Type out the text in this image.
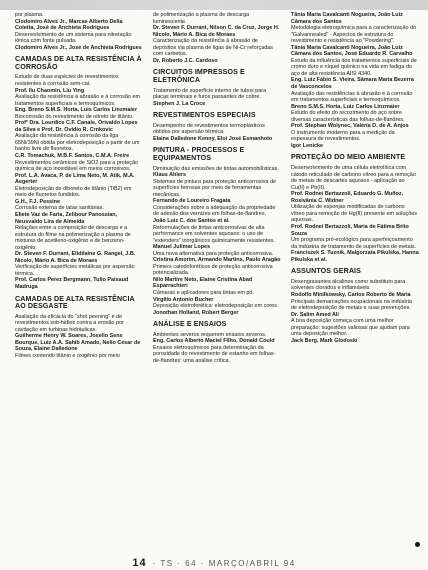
por plasma.
Clodomiro Alves Jr., Marcas Alberto Della Coletta, José de Anchieta Rodrigues
Desenvolvimento de um sistema para nitretação iônica com fonte pulsada.
Clodomiro Alves Jr., José de Anchieta Rodrigues
CAMADAS DE ALTA RESISTÊNCIA À CORROSÃO
Estudo de duas espécies de revestimentos resistentes à corrosão sem-cal.
Prof. Ilu Chaomin, Liu Ying
Avaliação da resistência à abrasão e à corrosão em tratamentos superficiais e termoquímicos.
Eng. Breno S.M.S. Horta, Luis Carlos Linzmaier
Biocorrosão do revestimento de nitreto de titânio.
Profª Dra. Lourdice C.F. Canale, Orivaldo Lopes da Silva e Prof. Dr. Ovídio R. Crnkovic
Avaliação da resistência à corrosão da liga 65Ni/39Ni obtida por eletrodeposição a partir de um banho livre de fluoretos.
C.R. Tomachuk, M.B.F. Santos, C.M.A. Freire
Revestimentos cerâmicos de SiO2 para a proteção química de aço inoxidável em meios corrosivos.
Prof. L.A. Avaca, P. de Lima Neto, M. Atik, M.A. Aegerter
Eletrodeposição de diboreto de titânio (TiB2) em meio de fluoretos fundidos.
G.H., F.J. Pessine
Corrosão externa de latas sanitárias.
Eliete Vaz de Faria, Zelibour Panossian, Neusvaldo Lira de Almeida
Relações entre a composição de descarga e a estrutura do filme na polimerização a plasma de misturas de acetileno-oxigênio e de benzeno-oxigênio.
Dr. Steven F. Durrant, Elidilaine G. Rangel, J.B. Nicolo, Mário A. Bica de Moraes
Verificação de superfícies metálicas por aspersão térmica.
Prof. Carlos Perez Bergmann, Tulio Paixaud Madruga
CAMADAS DE ALTA RESISTÊNCIA AO DESGASTE
Avaliação da eficácia do "shot peening" e de revestimentos sob-hidlos contra a erosão por cavitação em turbinas hidráulicas.
Guilherme Henry W. Soares, Joselio Sens Bourque, Luiz A.A. Sahib Amado, Nelio César de Souza, Elaine Dalledone
Filmes contendo titânio e oxigênio por meio
de polimerização a plasma de descarga luminescente.
Dr. Steven F. Durrant, Nilson C. da Cruz, Jorge H. Nicolo, Mário A. Bica de Moraes
Caracterização da resistência à abrasão de depósitos via plasma de ligas de Ni-Cr reforçadas com carbetos.
Dr. Roberto J.C. Cardoso
CIRCUITOS IMPRESSOS E ELETRÔNICA
Tratamento de superfície interno de tubos para placas terminais e furos passantes de cobre.
Stephen J. La Croce
REVESTIMENTOS ESPECIAIS
Desempenho de revestimentos termoplásticos obtidos por aspersão térmica.
Elaine Dalledone Kenny, Eloi José Esmanhoto
PINTURA - PROCESSOS E EQUIPAMENTOS
Diminuição das emissões de tintas automobilísticas.
Klaus Ahlers
Sistemas de pintura para proteção anticorrosiva de superfícies ferrosas por meio de ferramentas mecânicas.
Fernando de Loureiro Fragata
Considerações sobre a adequação da propriedade de adesão dos vernizes em folhas-de-flandres.
João Luiz C. dos Santos et al.
Reformulações de tintas anticorrosivas de alta performance em solventes aquosos: o uso de "extenders" inorgânicos quimicamente resistentes.
Manuel Julimar Lopes
Uma nova alternativa para proteção anticorrosiva.
Cristina Amorim, Armando Martins, Paulo Aragão
Primers catodoforéticos de proteção anticorrosiva potencializada.
Nilo Martire Neto, Elaine Cristina Abad Esparrachieri
Câmaras e aplicadores para tintas em pó.
Virgílio Antonio Bucher
Deposição eletroforética: eletrodeposição em cores
Jonothan Holland, Robert Berger
ANÁLISE E ENSAIOS
Ambientes severos requerem ensaios severos.
Eng. Carlos Alberto Maciel Filho, Donald Could
Ensaios eletroquímicos para determinação da porosidade do revestimento de estanho em folhas-de-flandres: uma análise crítica.
Tânia Maria Cavalcanti Nogueira, João Luiz Câmara dos Santos
Metodologia eletroquímica para a caracterização do "Galvannealed" - Aspectos de estrutura do revestimento e resistência ao "Powdering".
Tânia Maria Cavalcanti Nogueira, João Luiz Câmara dos Santos, José Eduardo R. Carvalho
Estudo da influência dos tratamentos superficiais de cromo duro e níquel químico na vida em fadiga do aço de alta resistência AISI 4340.
Eng. Luiz Fábio S. Vieira, Sâmara Maria Bezerra de Vasconcelos
Avaliação das resistências à abrasão e à corrosão em tratamentos superficiais e termoquímicos.
Breno S.M.S. Horta, Luiz Carlos Linzmaier
Estudo do efeito do recozimento do aço sobre diversas características das folhas-de-flandres.
Prof. Stephan Wolynec, Valéria D. de A. Anjos
O instrumento moderno para a medição da espessura de revestimentos.
Igor Lenicke
PROTEÇÃO DO MEIO AMBIENTE
Desenvolvimento de uma célula eletrolítica com cátodo reticulado de carbono vítreo para a remoção de metais de descartes aquosos - aplicação ao Cu(II) e Pb(II).
Prof. Rodnei Bertazzoli, Eduardo G. Muñoz, Rosivânia C. Widner
Utilização de esponjas modificadas de carbono vítreo para remoção de Hg(II) presente em soluções aquosas.
Prof. Rodnei Bertazzoli, Maria de Fátima Brito Souza
Um programa pró-ecológico para aperfeiçoamento da indústria de tratamento de superfícies de metais.
Franciszek S. Tuznik, Malgorzata Pikulska, Hanna Pikulska et al.
ASSUNTOS GERAIS
Desengraxantes alcalinos como substituto para solventes clorados e inflamáveis.
Rodolfo Minilkowsky, Carlos Roberto de Maria
Princípais demarcações ocupacionais na indústria de eletrodeposição de metais e suas prevenções.
Dr. Salim Amed Ali
A boa deposição começa com uma melhor preparação: sugestões valiosas que ajudam para uma deposição melhor.
Jack Berg, Mark Glodoski
14 · TS · 64 · MARÇO/ABRIL 94
